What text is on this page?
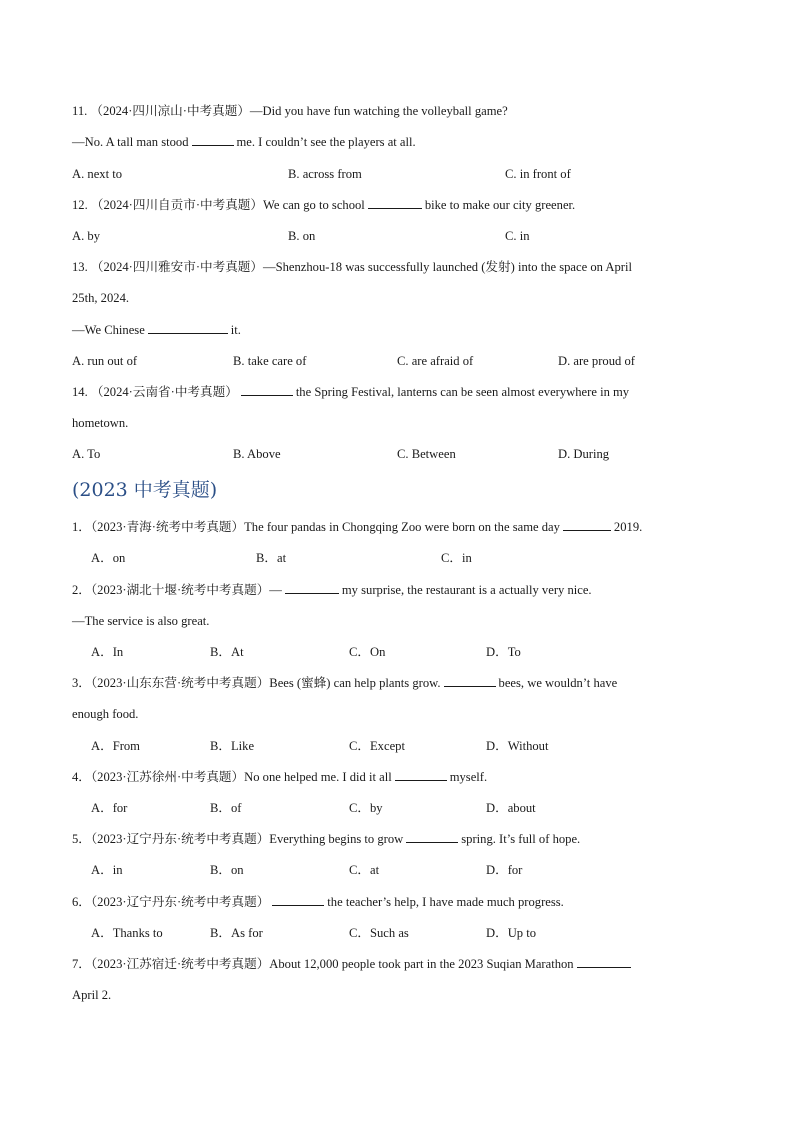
11. （2024·四川凉山·中考真题）—Did you have fun watching the volleyball game?
—No. A tall man stood	me. I couldn’t see the players at all.
A. next to	B. across from	C. in front of
12. （2024·四川自贡市·中考真题）We can go to school	bike to make our city greener.
A. by	B. on	C. in
13. （2024·四川雅安市·中考真题）—Shenzhou-18 was successfully launched (发射) into the space on April
25th, 2024.
—We Chinese	it.
A. run out of	B. take care of	C. are afraid of	D. are proud of
14. （2024·云南省·中考真题）	the Spring Festival, lanterns can be seen almost everywhere in my
hometown.
A. To	B. Above	C. Between	D. During
(2023 中考真题)
1．（2023·青海·统考中考真题）The four pandas in Chongqing Zoo were born on the same day	2019.
A．on	B．at	C．in
2．（2023·湖北十堰·统考中考真题）—	my surprise, the restaurant is a actually very nice.
—The service is also great.
A．In	B．At	C．On	D．To
3．（2023·山东东营·统考中考真题）Bees (蜜蜂) can help plants grow.	bees, we wouldn’t have
enough food.
A．From	B．Like	C．Except	D．Without
4．（2023·江苏徐州·中考真题）No one helped me. I did it all	myself.
A．for	B．of	C．by	D．about
5．（2023·辽宁丹东·统考中考真题）Everything begins to grow	spring. It’s full of hope.
A．in	B．on	C．at	D．for
6．（2023·辽宁丹东·统考中考真题）	the teacher’s help, I have made much progress.
A．Thanks to	B．As for	C．Such as	D．Up to
7．（2023·江苏宿迁·统考中考真题）About 12,000 people took part in the 2023 Suqian Marathon
April 2.
